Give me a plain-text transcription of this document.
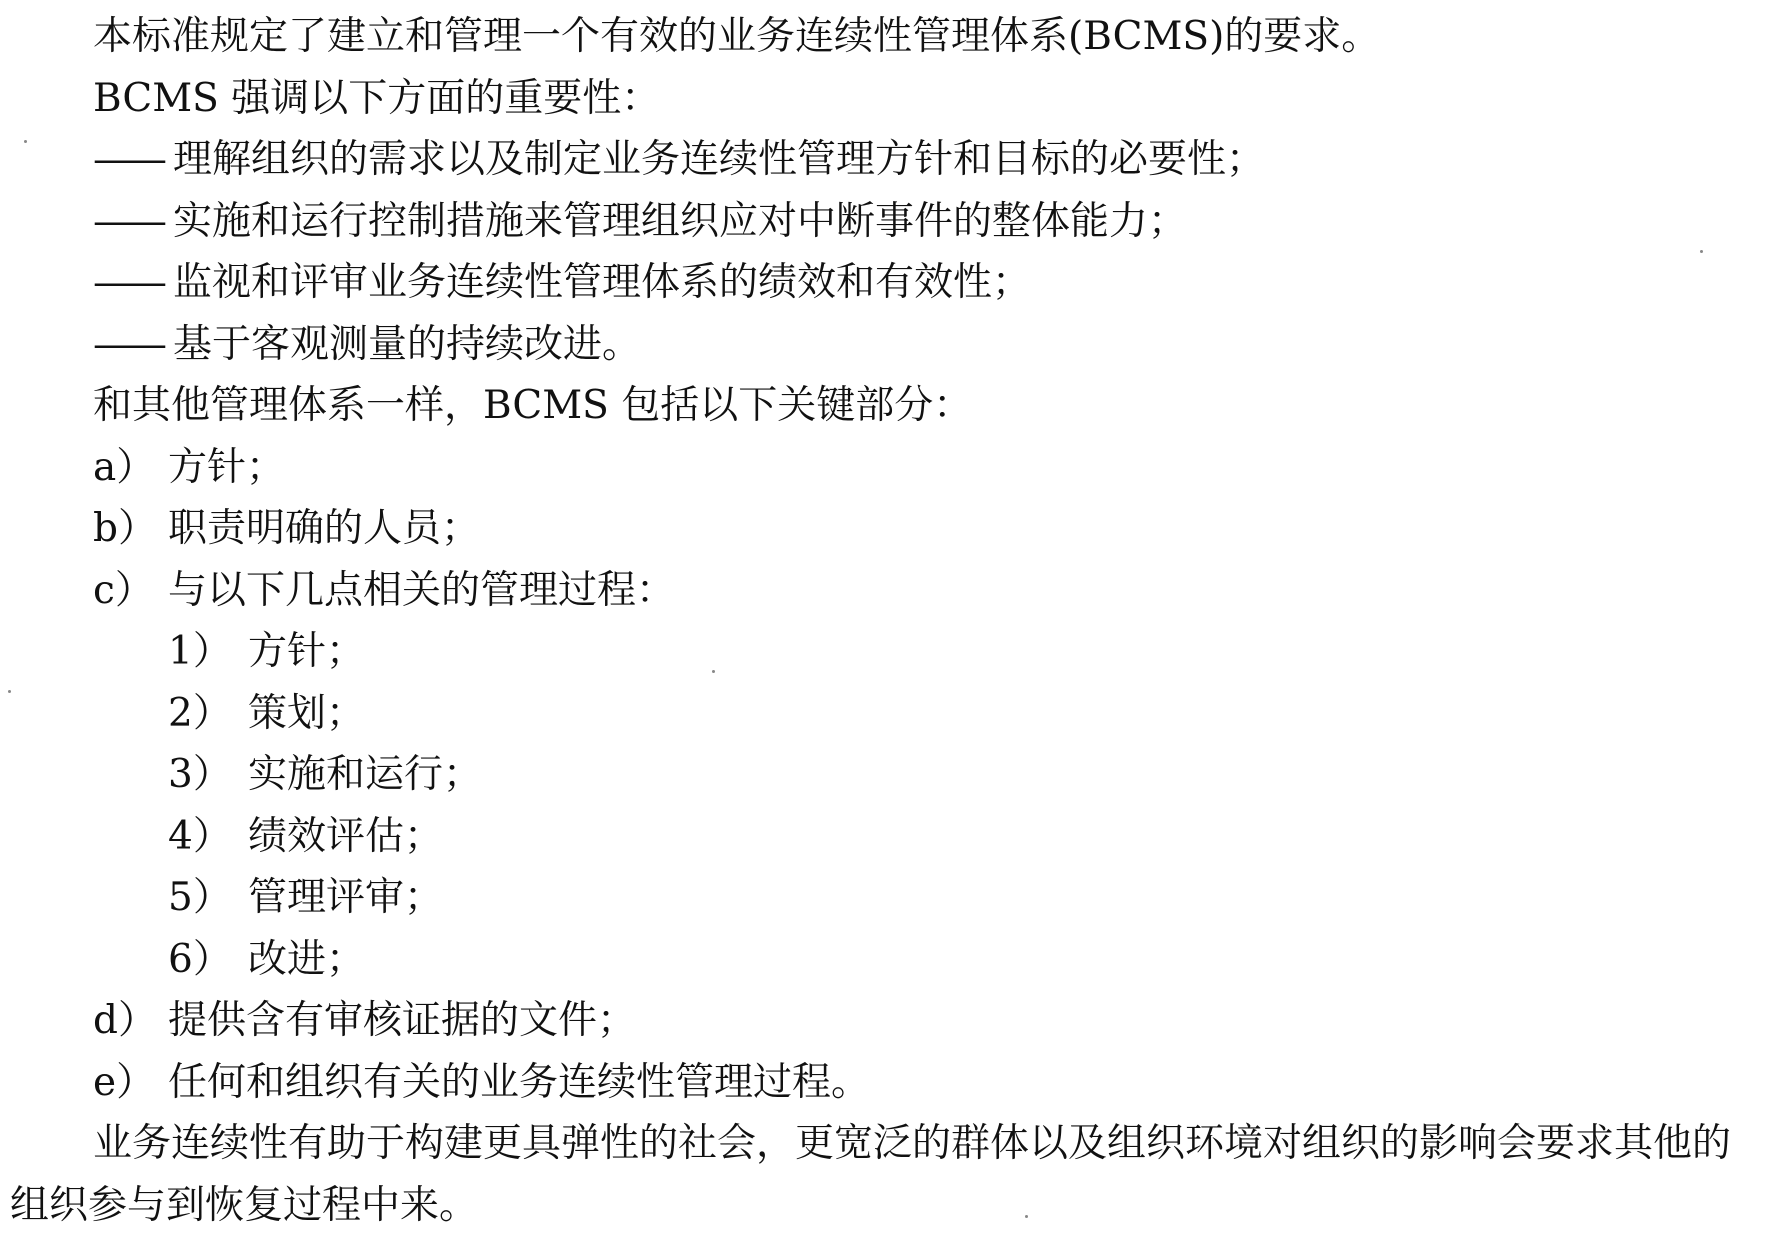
本标准规定了建立和管理一个有效的业务连续性管理体系(BCMS)的要求。
BCMS 强调以下方面的重要性：
—— 理解组织的需求以及制定业务连续性管理方针和目标的必要性；
—— 实施和运行控制措施来管理组织应对中断事件的整体能力；
—— 监视和评审业务连续性管理体系的绩效和有效性；
—— 基于客观测量的持续改进。
和其他管理体系一样，BCMS 包括以下关键部分：
a） 方针；
b） 职责明确的人员；
c） 与以下几点相关的管理过程：
1） 方针；
2） 策划；
3） 实施和运行；
4） 绩效评估；
5） 管理评审；
6） 改进；
d） 提供含有审核证据的文件；
e） 任何和组织有关的业务连续性管理过程。
业务连续性有助于构建更具弹性的社会，更宽泛的群体以及组织环境对组织的影响会要求其他的
组织参与到恢复过程中来。
